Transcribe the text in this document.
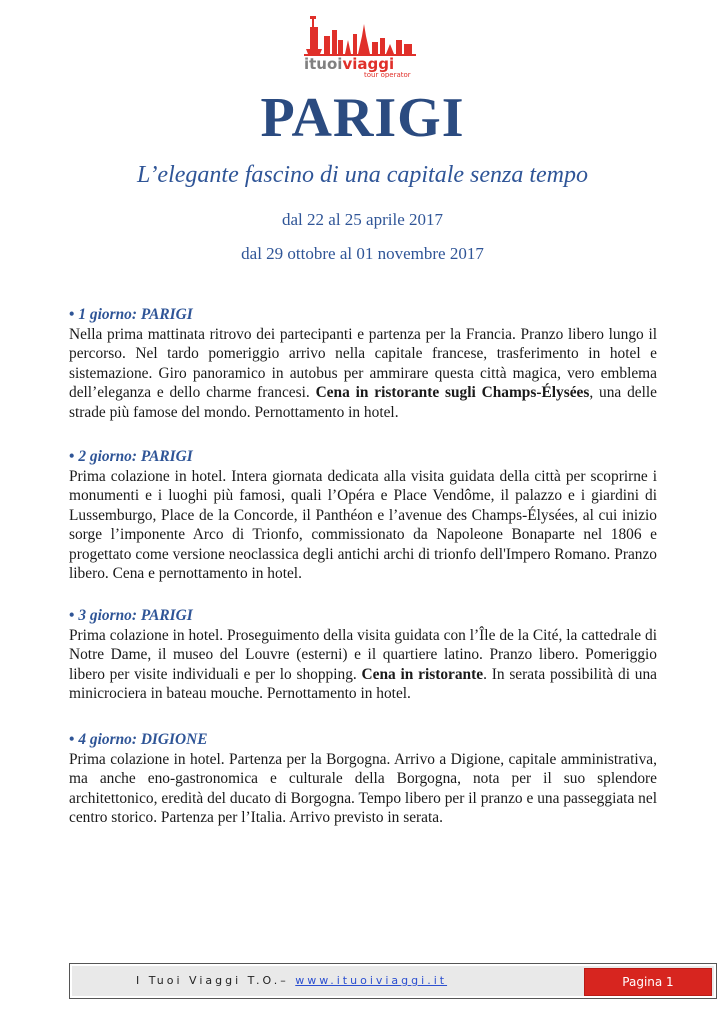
ituoiviaggi
tour operator
PARIGI
L’elegante fascino di una capitale senza tempo
dal 22 al 25 aprile 2017
dal 29 ottobre al 01 novembre 2017
• 1 giorno: PARIGI

Nella prima mattinata ritrovo dei partecipanti e partenza per la Francia. Pranzo libero lungo il percorso. Nel tardo pomeriggio arrivo nella capitale francese, trasferimento in hotel e sistemazione. Giro panoramico in autobus per ammirare questa città magica, vero emblema dell’eleganza e dello charme francesi. Cena in ristorante sugli Champs-Élysées, una delle strade più famose del mondo. Pernottamento in hotel.

• 2 giorno: PARIGI

Prima colazione in hotel. Intera giornata dedicata alla visita guidata della città per scoprirne i monumenti e i luoghi più famosi, quali l’Opéra e Place Vendôme, il palazzo e i giardini di Lussemburgo, Place de la Concorde, il Panthéon e l’avenue des Champs-Élysées, al cui inizio sorge l’imponente Arco di Trionfo, commissionato da Napoleone Bonaparte nel 1806 e progettato come versione neoclassica degli antichi archi di trionfo dell'Impero Romano. Pranzo libero. Cena e pernottamento in hotel.

• 3 giorno: PARIGI

Prima colazione in hotel. Proseguimento della visita guidata con l’Île de la Cité, la cattedrale di Notre Dame, il museo del Louvre (esterni) e il quartiere latino. Pranzo libero. Pomeriggio libero per visite individuali e per lo shopping. Cena in ristorante. In serata possibilità di una minicrociera in bateau mouche. Pernottamento in hotel.

• 4 giorno: DIGIONE

Prima colazione in hotel. Partenza per la Borgogna. Arrivo a Digione, capitale amministrativa, ma anche eno-gastronomica e culturale della Borgogna, nota per il suo splendore architettonico, eredità del ducato di Borgogna. Tempo libero per il pranzo e una passeggiata nel centro storico. Partenza per l’Italia. Arrivo previsto in serata.

I Tuoi Viaggi T.O.– www.ituoiviaggi.it	Pagina 1
